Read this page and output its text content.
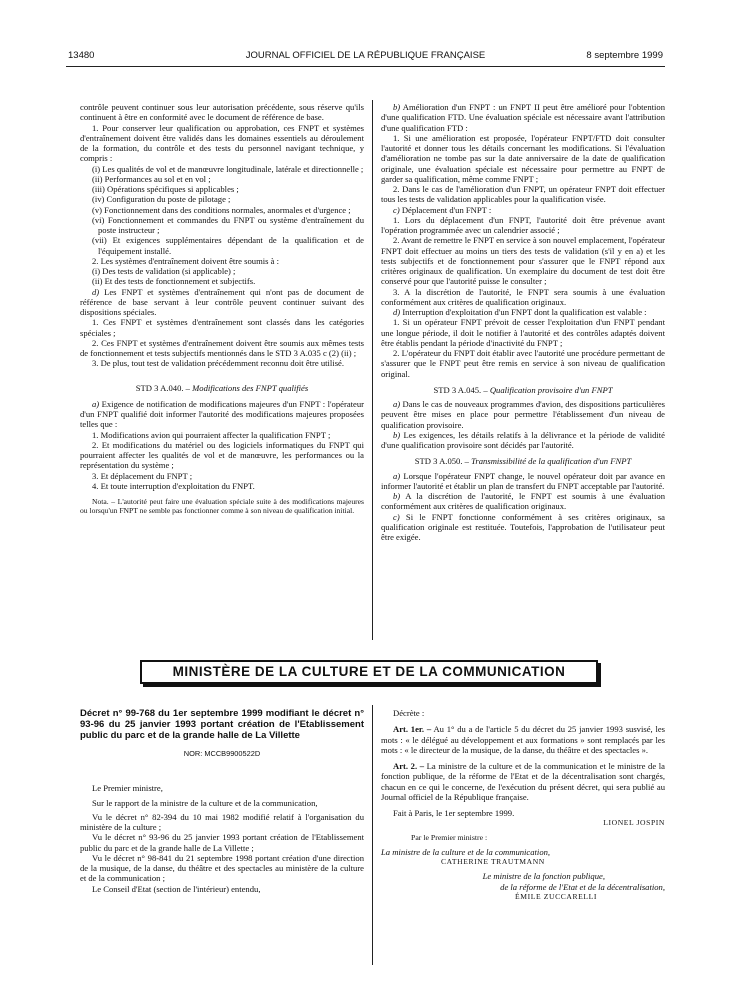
13480	JOURNAL OFFICIEL DE LA RÉPUBLIQUE FRANÇAISE	8 septembre 1999

contrôle peuvent continuer sous leur autorisation précédente, sous réserve qu'ils continuent à être en conformité avec le document de référence de base.

1. Pour conserver leur qualification ou approbation, ces FNPT et systèmes d'entraînement doivent être validés dans les domaines essentiels au déroulement de la formation, du contrôle et des tests du personnel navigant technique, y compris :

(i) Les qualités de vol et de manœuvre longitudinale, latérale et directionnelle ;

(ii) Performances au sol et en vol ;

(iii) Opérations spécifiques si applicables ;

(iv) Configuration du poste de pilotage ;

(v) Fonctionnement dans des conditions normales, anormales et d'urgence ;

(vi) Fonctionnement et commandes du FNPT ou système d'entraînement du poste instructeur ;

(vii) Et exigences supplémentaires dépendant de la qualification et de l'équipement installé.

2. Les systèmes d'entraînement doivent être soumis à :

(i) Des tests de validation (si applicable) ;

(ii) Et des tests de fonctionnement et subjectifs.

d) Les FNPT et systèmes d'entraînement qui n'ont pas de document de référence de base servant à leur contrôle peuvent continuer suivant des dispositions spéciales.

1. Ces FNPT et systèmes d'entraînement sont classés dans les catégories spéciales ;

2. Ces FNPT et systèmes d'entraînement doivent être soumis aux mêmes tests de fonctionnement et tests subjectifs mentionnés dans le STD 3 A.035 c (2) (ii) ;

3. De plus, tout test de validation précédemment reconnu doit être utilisé.

STD 3 A.040. – Modifications des FNPT qualifiés

a) Exigence de notification de modifications majeures d'un FNPT : l'opérateur d'un FNPT qualifié doit informer l'autorité des modifications majeures proposées telles que :

1. Modifications avion qui pourraient affecter la qualification FNPT ;

2. Et modifications du matériel ou des logiciels informatiques du FNPT qui pourraient affecter les qualités de vol et de manœuvre, les performances ou la représentation du système ;

3. Et déplacement du FNPT ;

4. Et toute interruption d'exploitation du FNPT.

Nota. – L'autorité peut faire une évaluation spéciale suite à des modifications majeures ou lorsqu'un FNPT ne semble pas fonctionner comme à son niveau de qualification initial.

b) Amélioration d'un FNPT : un FNPT II peut être amélioré pour l'obtention d'une qualification FTD. Une évaluation spéciale est nécessaire avant l'attribution d'une qualification FTD :

1. Si une amélioration est proposée, l'opérateur FNPT/FTD doit consulter l'autorité et donner tous les détails concernant les modifications. Si l'évaluation d'amélioration ne tombe pas sur la date anniversaire de la date de qualification originale, une évaluation spéciale est nécessaire pour permettre au FNPT de garder sa qualification, même comme FNPT ;

2. Dans le cas de l'amélioration d'un FNPT, un opérateur FNPT doit effectuer tous les tests de validation applicables pour la qualification visée.

c) Déplacement d'un FNPT :

1. Lors du déplacement d'un FNPT, l'autorité doit être prévenue avant l'opération programmée avec un calendrier associé ;

2. Avant de remettre le FNPT en service à son nouvel emplacement, l'opérateur FNPT doit effectuer au moins un tiers des tests de validation (s'il y en a) et les tests subjectifs et de fonctionnement pour s'assurer que le FNPT répond aux critères originaux de qualification. Un exemplaire du document de test doit être conservé pour que l'autorité puisse le consulter ;

3. A la discrétion de l'autorité, le FNPT sera soumis à une évaluation conformément aux critères de qualification originaux.

d) Interruption d'exploitation d'un FNPT dont la qualification est valable :

1. Si un opérateur FNPT prévoit de cesser l'exploitation d'un FNPT pendant une longue période, il doit le notifier à l'autorité et des contrôles adaptés doivent être établis pendant la période d'inactivité du FNPT ;

2. L'opérateur du FNPT doit établir avec l'autorité une procédure permettant de s'assurer que le FNPT peut être remis en service à son niveau de qualification original.

STD 3 A.045. – Qualification provisoire d'un FNPT

a) Dans le cas de nouveaux programmes d'avion, des dispositions particulières peuvent être mises en place pour permettre l'établissement d'un niveau de qualification provisoire.

b) Les exigences, les détails relatifs à la délivrance et la période de validité d'une qualification provisoire sont décidés par l'autorité.

STD 3 A.050. – Transmissibilité de la qualification d'un FNPT

a) Lorsque l'opérateur FNPT change, le nouvel opérateur doit par avance en informer l'autorité et établir un plan de transfert du FNPT acceptable par l'autorité.

b) A la discrétion de l'autorité, le FNPT est soumis à une évaluation conformément aux critères de qualification originaux.

c) Si le FNPT fonctionne conformément à ses critères originaux, sa qualification originale est restituée. Toutefois, l'approbation de l'utilisateur peut être exigée.

MINISTÈRE DE LA CULTURE ET DE LA COMMUNICATION

Décret n° 99-768 du 1er septembre 1999 modifiant le décret n° 93-96 du 25 janvier 1993 portant création de l'Etablissement public du parc et de la grande halle de La Villette

NOR: MCCB9900522D

Le Premier ministre,

Sur le rapport de la ministre de la culture et de la communication,

Vu le décret n° 82-394 du 10 mai 1982 modifié relatif à l'organisation du ministère de la culture ;

Vu le décret n° 93-96 du 25 janvier 1993 portant création de l'Etablissement public du parc et de la grande halle de La Villette ;

Vu le décret n° 98-841 du 21 septembre 1998 portant création d'une direction de la musique, de la danse, du théâtre et des spectacles au ministère de la culture et de la communication ;

Le Conseil d'Etat (section de l'intérieur) entendu,

Décrète :

Art. 1er. – Au 1° du a de l'article 5 du décret du 25 janvier 1993 susvisé, les mots : « le délégué au développement et aux formations » sont remplacés par les mots : « le directeur de la musique, de la danse, du théâtre et des spectacles ».

Art. 2. – La ministre de la culture et de la communication et le ministre de la fonction publique, de la réforme de l'Etat et de la décentralisation sont chargés, chacun en ce qui le concerne, de l'exécution du présent décret, qui sera publié au Journal officiel de la République française.

Fait à Paris, le 1er septembre 1999.

LIONEL JOSPIN

Par le Premier ministre :

La ministre de la culture et de la communication,

CATHERINE TRAUTMANN

Le ministre de la fonction publique,

de la réforme de l'Etat et de la décentralisation,

ÉMILE ZUCCARELLI
